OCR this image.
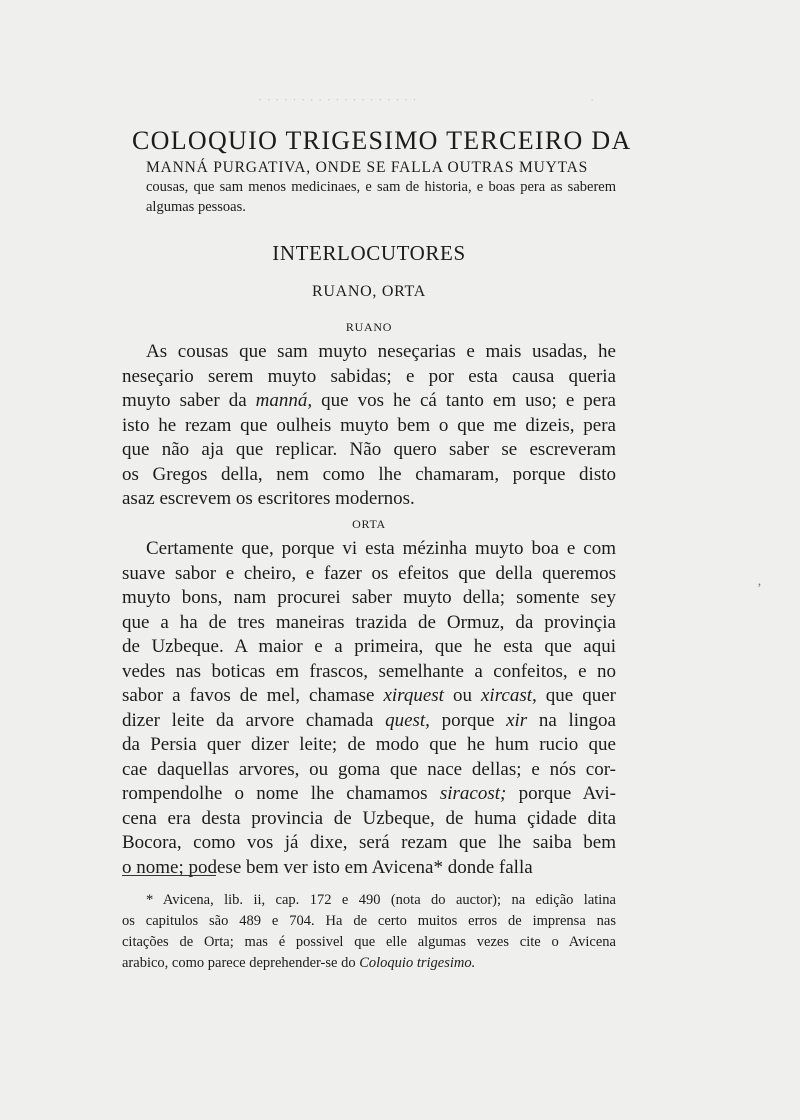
· · · · · · · · · · · · · · · · · · ·	·
COLOQUIO TRIGESIMO TERCEIRO DA
MANNÁ PURGATIVA, ONDE SE FALLA OUTRAS MUYTAS
cousas, que sam menos medicinaes, e sam de historia, e boas pera as saberem algumas pessoas.
INTERLOCUTORES
RUANO, ORTA
RUANO
As cousas que sam muyto neseçarias e mais usadas, he
neseçario serem muyto sabidas; e por esta causa queria
muyto saber da manná, que vos he cá tanto em uso; e pera
isto he rezam que oulheis muyto bem o que me dizeis, pera
que não aja que replicar. Não quero saber se escreveram
os Gregos della, nem como lhe chamaram, porque disto
asaz escrevem os escritores modernos.
ORTA
Certamente que, porque vi esta mézinha muyto boa e com
suave sabor e cheiro, e fazer os efeitos que della queremos
muyto bons, nam procurei saber muyto della; somente sey
que a ha de tres maneiras trazida de Ormuz, da provinçia
de Uzbeque. A maior e a primeira, que he esta que aqui
vedes nas boticas em frascos, semelhante a confeitos, e no
sabor a favos de mel, chamase xirquest ou xircast, que quer
dizer leite da arvore chamada quest, porque xir na lingoa
da Persia quer dizer leite; de modo que he hum rucio que
cae daquellas arvores, ou goma que nace dellas; e nós cor-
rompendolhe o nome lhe chamamos siracost; porque Avi-
cena era desta provincia de Uzbeque, de huma çidade dita
Bocora, como vos já dixe, será rezam que lhe saiba bem
o nome; podese bem ver isto em Avicena* donde falla
* Avicena, lib. ii, cap. 172 e 490 (nota do auctor); na edição latina
os capitulos são 489 e 704. Ha de certo muitos erros de imprensa nas
citações de Orta; mas é possivel que elle algumas vezes cite o Avicena
arabico, como parece deprehender-se do Coloquio trigesimo.
‚
